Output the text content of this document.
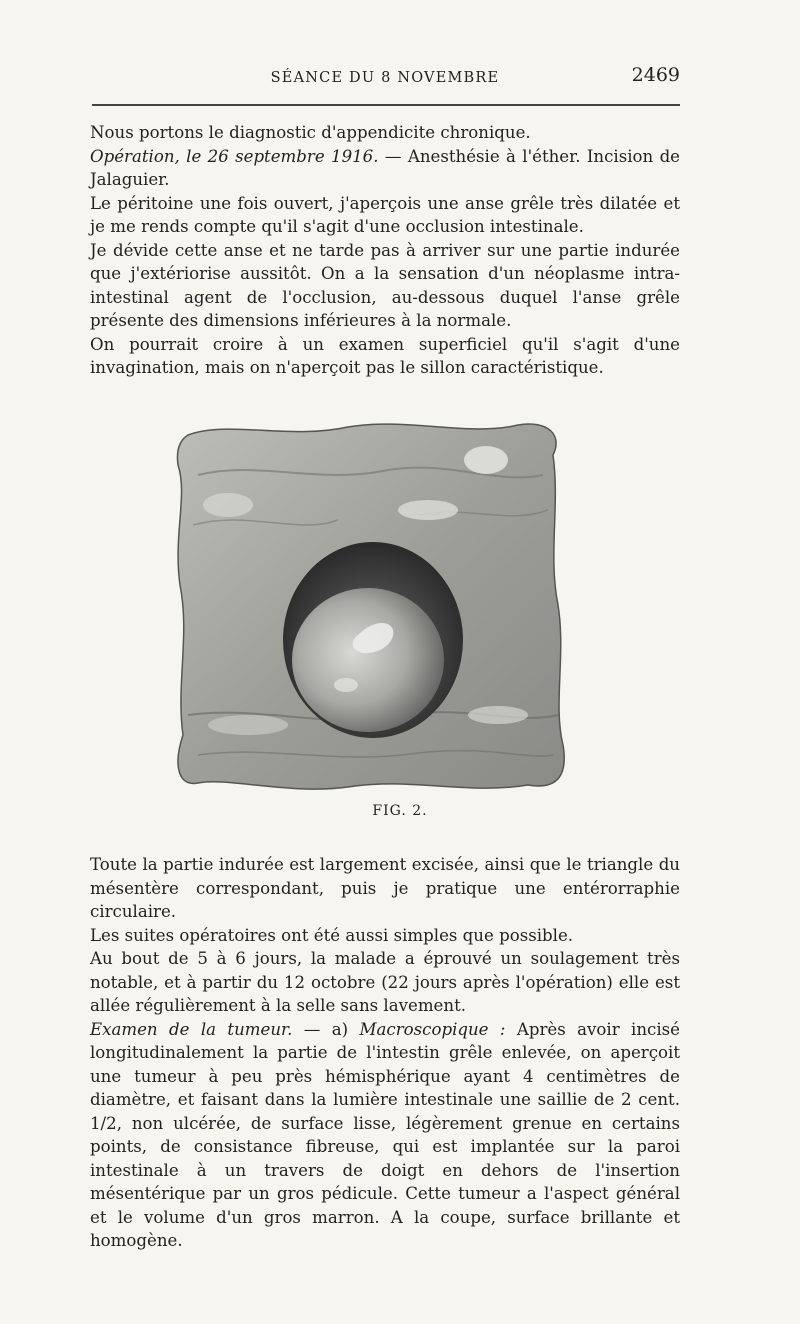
SÉANCE DU 8 NOVEMBRE	2469

Nous portons le diagnostic d'appendicite chronique.

Opération, le 26 septembre 1916. — Anesthésie à l'éther. Incision de Jalaguier.

Le péritoine une fois ouvert, j'aperçois une anse grêle très dilatée et je me rends compte qu'il s'agit d'une occlusion intestinale.

Je dévide cette anse et ne tarde pas à arriver sur une partie indurée que j'extériorise aussitôt. On a la sensation d'un néoplasme intra-intestinal agent de l'occlusion, au-dessous duquel l'anse grêle présente des dimensions inférieures à la normale.

On pourrait croire à un examen superficiel qu'il s'agit d'une invagination, mais on n'aperçoit pas le sillon caractéristique.

FIG. 2.

Toute la partie indurée est largement excisée, ainsi que le triangle du mésentère correspondant, puis je pratique une entérorraphie circulaire.

Les suites opératoires ont été aussi simples que possible.

Au bout de 5 à 6 jours, la malade a éprouvé un soulagement très notable, et à partir du 12 octobre (22 jours après l'opération) elle est allée régulièrement à la selle sans lavement.

Examen de la tumeur. — a) Macroscopique : Après avoir incisé longitudinalement la partie de l'intestin grêle enlevée, on aperçoit une tumeur à peu près hémisphérique ayant 4 centimètres de diamètre, et faisant dans la lumière intestinale une saillie de 2 cent. 1/2, non ulcérée, de surface lisse, légèrement grenue en certains points, de consistance fibreuse, qui est implantée sur la paroi intestinale à un travers de doigt en dehors de l'insertion mésentérique par un gros pédicule. Cette tumeur a l'aspect général et le volume d'un gros marron. A la coupe, surface brillante et homogène.
